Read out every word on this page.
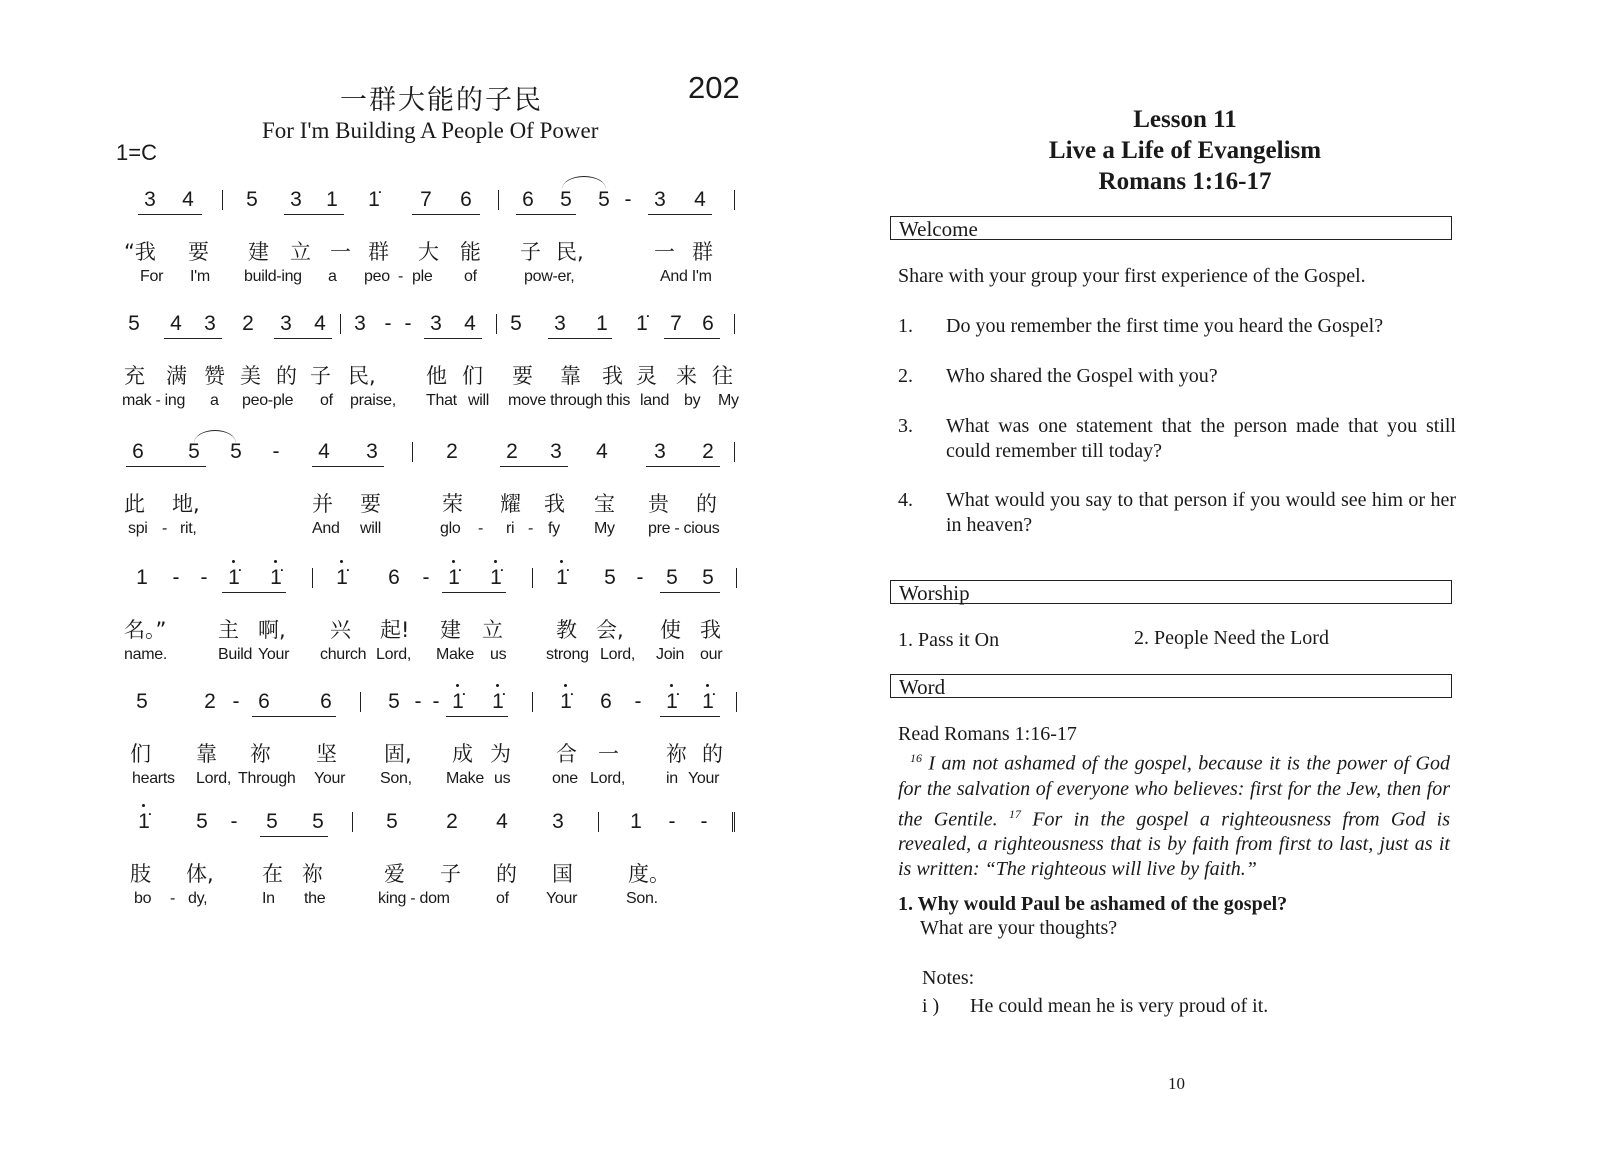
一群大能的子民	202
For I'm Building A People Of Power
1=C
3 4 5 3 1 1̇ 7 6 6 5 5 - 3 4
“我 要 建 立 一 群 大 能 子 民,	一 群
For I'm build-ing a peo - ple of	pow-er,	And I'm
5 4 3 2 3 4 3 - - 3 4 5 3 1 1̇ 7 6
充 满 赞 美 的 子 民, 他 们 要 靠 我 灵 来 往
mak - ing a peo-ple of praise, That will move through this land by My
6 5 5 - 4 3	2 2 3 4 3 2
此 地,	并 要	荣 耀 我 宝 贵 的
spi - rit,	And will	glo - ri - fy My pre - cious
1 - - 1̇ 1̇	1̇ 6 - 1̇ 1̇	1̇ 5 - 5 5
名。” 主 啊, 兴 起! 建 立	教 会, 使 我
name.	Build Your church Lord, Make us strong Lord, Join our
5	2 - 6 6	5 - - 1̇ 1̇	1̇ 6 - 1̇ 1̇
们 靠 祢 坚 固, 成 为 合 一 祢 的
hearts Lord, Through Your Son, Make us	one Lord,	in Your
1̇ 5 - 5 5	5 2 4 3	1 - -
肢 体, 在 祢	爱 子 的 国	度。
bo - dy,	In the	king - dom	of Your	Son.
Lesson 11
Live a Life of Evangelism
Romans 1:16-17
Welcome
Share with your group your first experience of the Gospel.
1. Do you remember the first time you heard the Gospel?
2. Who shared the Gospel with you?
3. What was one statement that the person made that you still could remember till today?
4. What would you say to that person if you would see him or her in heaven?
Worship
1. Pass it On	2. People Need the Lord
Word
Read Romans 1:16-17
$^{16}$ I am not ashamed of the gospel, because it is the power of God for the salvation of everyone who believes: first for the Jew, then for the Gentile. $^{17}$ For in the gospel a righteousness from God is revealed, a righteousness that is by faith from first to last, just as it is written: “The righteous will live by faith.”
1. Why would Paul be ashamed of the gospel?
What are your thoughts?
Notes:
i ) He could mean he is very proud of it.
10
